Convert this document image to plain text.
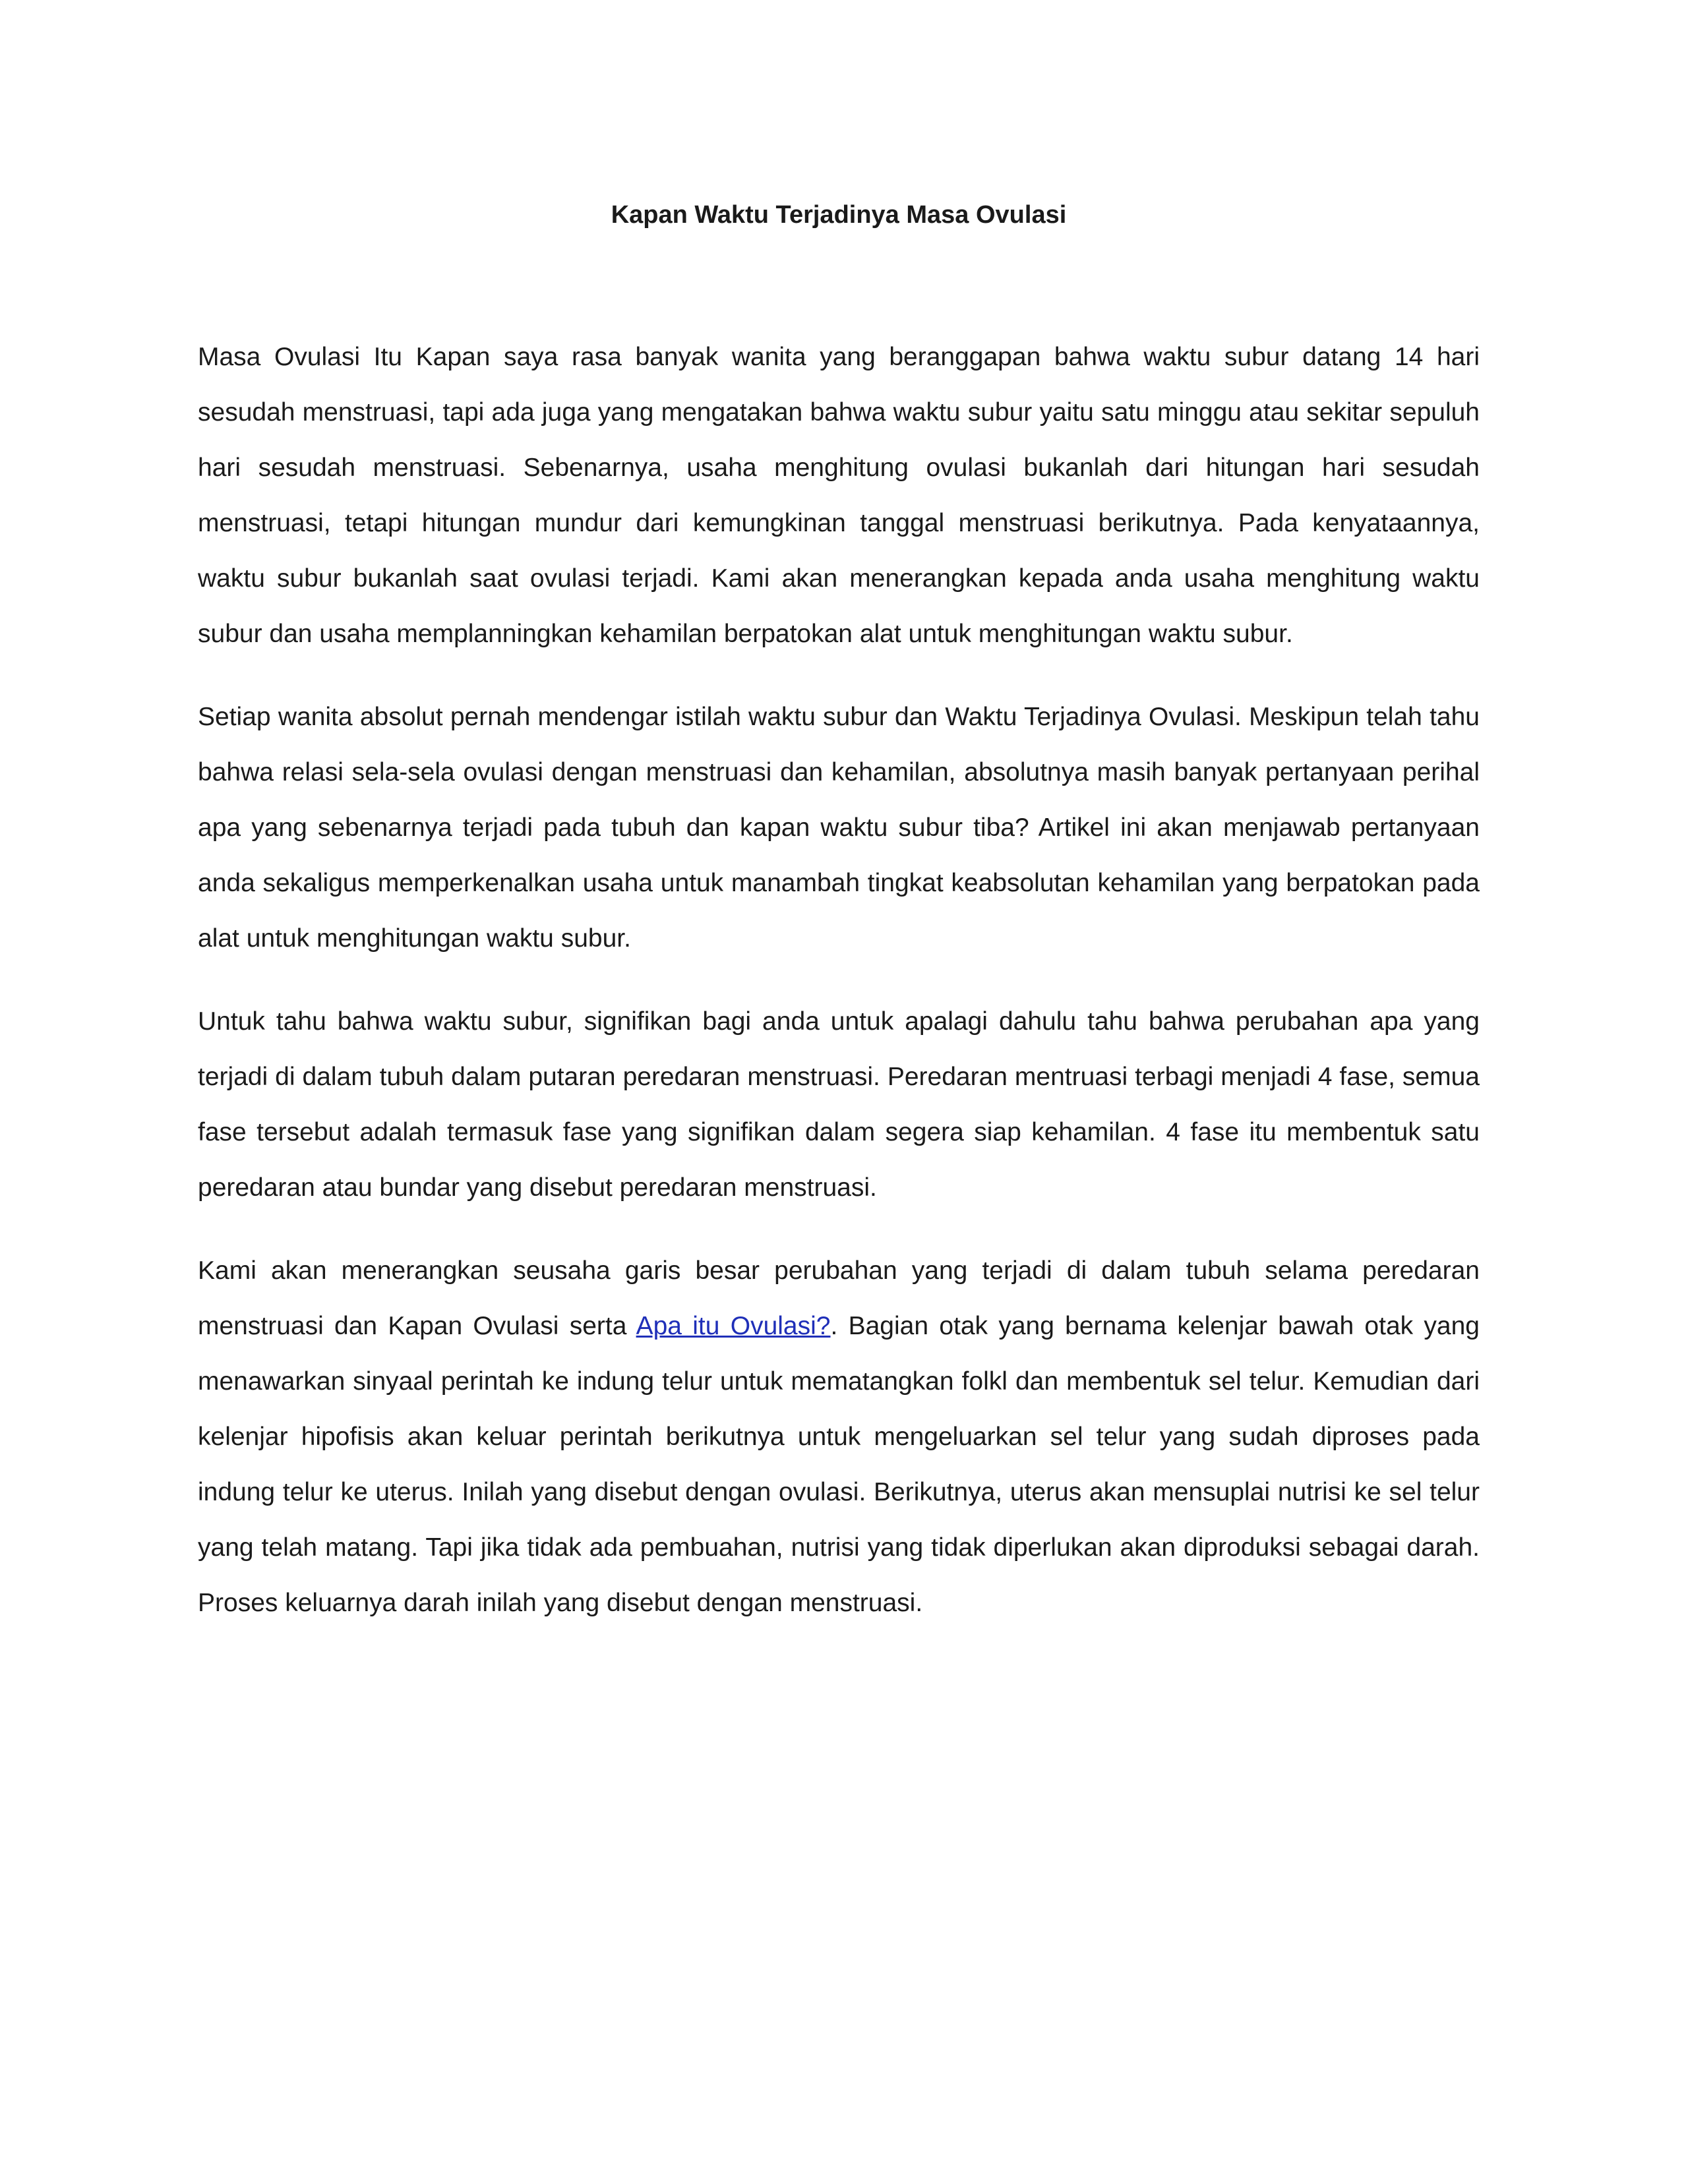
Kapan Waktu Terjadinya Masa Ovulasi

Masa Ovulasi Itu Kapan saya rasa banyak wanita yang beranggapan bahwa waktu subur datang 14 hari sesudah menstruasi, tapi ada juga yang mengatakan bahwa waktu subur yaitu satu minggu atau sekitar sepuluh hari sesudah menstruasi. Sebenarnya, usaha menghitung ovulasi bukanlah dari hitungan hari sesudah menstruasi, tetapi hitungan mundur dari kemungkinan tanggal menstruasi berikutnya. Pada kenyataannya, waktu subur bukanlah saat ovulasi terjadi. Kami akan menerangkan kepada anda usaha menghitung waktu subur dan usaha memplanningkan kehamilan berpatokan alat untuk menghitungan waktu subur.

Setiap wanita absolut pernah mendengar istilah waktu subur dan Waktu Terjadinya Ovulasi. Meskipun telah tahu bahwa relasi sela-sela ovulasi dengan menstruasi dan kehamilan, absolutnya masih banyak pertanyaan perihal apa yang sebenarnya terjadi pada tubuh dan kapan waktu subur tiba? Artikel ini akan menjawab pertanyaan anda sekaligus memperkenalkan usaha untuk manambah tingkat keabsolutan kehamilan yang berpatokan pada alat untuk menghitungan waktu subur.

Untuk tahu bahwa waktu subur, signifikan bagi anda untuk apalagi dahulu tahu bahwa perubahan apa yang terjadi di dalam tubuh dalam putaran peredaran menstruasi. Peredaran mentruasi terbagi menjadi 4 fase, semua fase tersebut adalah termasuk fase yang signifikan dalam segera siap kehamilan. 4 fase itu membentuk satu peredaran atau bundar yang disebut peredaran menstruasi.

Kami akan menerangkan seusaha garis besar perubahan yang terjadi di dalam tubuh selama peredaran menstruasi dan Kapan Ovulasi serta Apa itu Ovulasi?. Bagian otak yang bernama kelenjar bawah otak yang menawarkan sinyaal perintah ke indung telur untuk mematangkan folkl dan membentuk sel telur. Kemudian dari kelenjar hipofisis akan keluar perintah berikutnya untuk mengeluarkan sel telur yang sudah diproses pada indung telur ke uterus. Inilah yang disebut dengan ovulasi. Berikutnya, uterus akan mensuplai nutrisi ke sel telur yang telah matang. Tapi jika tidak ada pembuahan, nutrisi yang tidak diperlukan akan diproduksi sebagai darah. Proses keluarnya darah inilah yang disebut dengan menstruasi.
